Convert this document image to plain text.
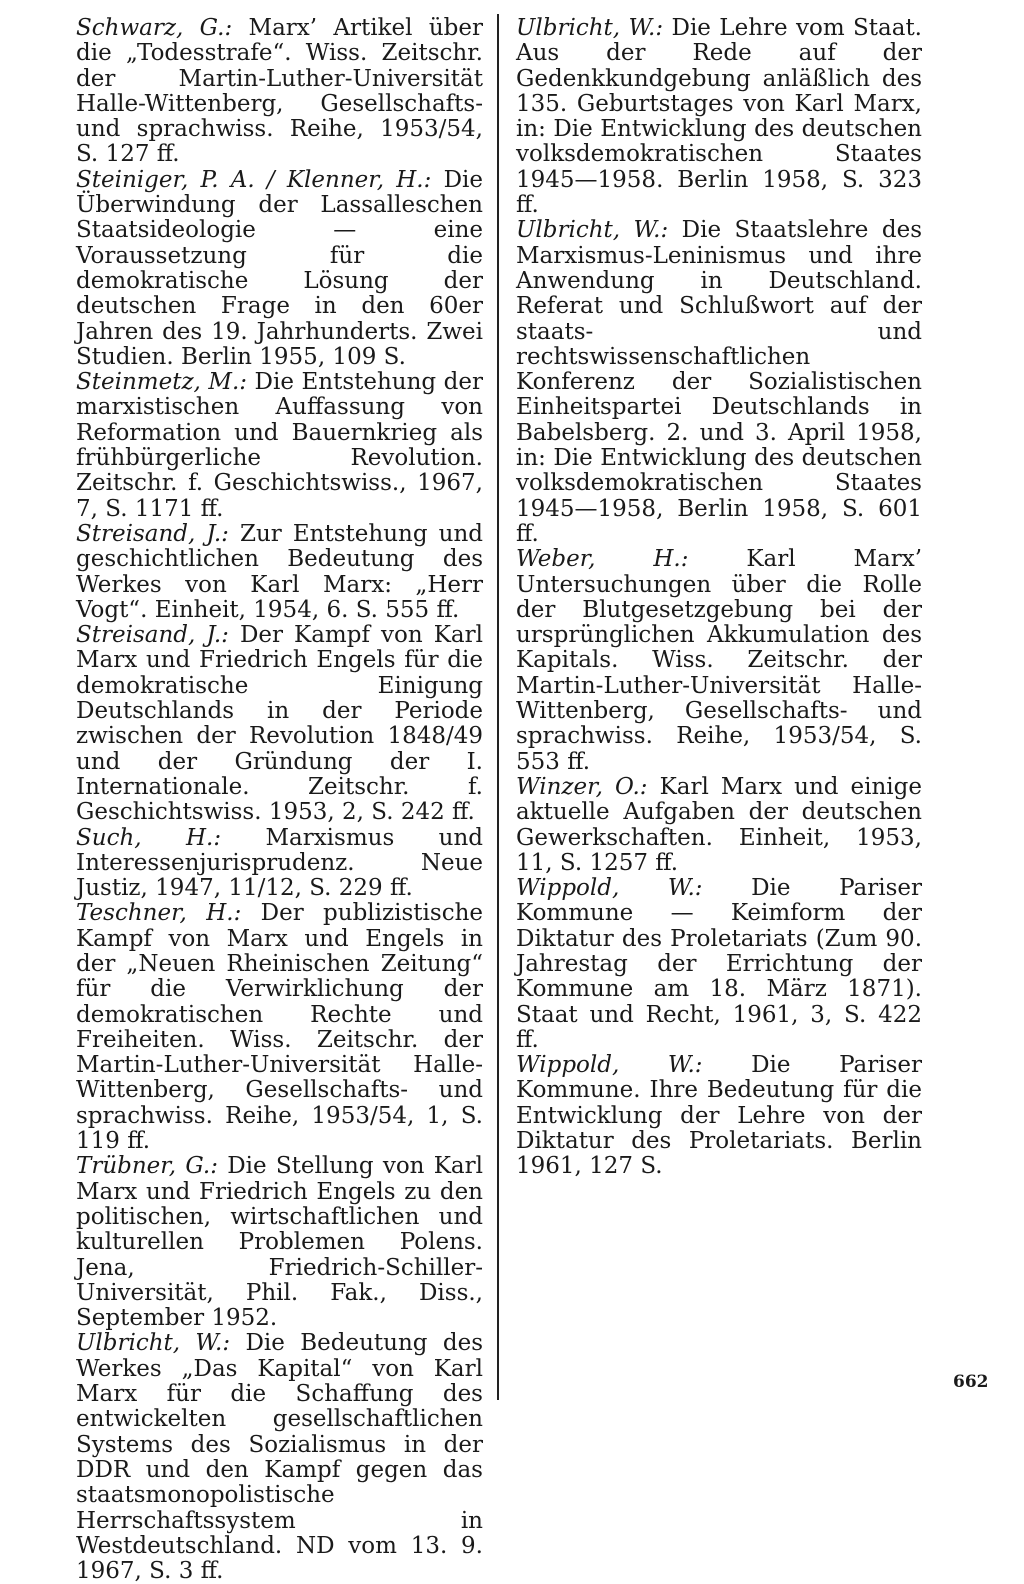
Schwarz, G.: Marx’ Artikel über die „Todesstrafe“. Wiss. Zeitschr. der Martin-Luther-Universität Halle-Wittenberg, Gesellschafts- und sprachwiss. Reihe, 1953/54, S. 127 ff.

Steiniger, P. A. / Klenner, H.: Die Überwindung der Lassalleschen Staatsideologie — eine Voraussetzung für die demokratische Lösung der deutschen Frage in den 60er Jahren des 19. Jahrhunderts. Zwei Studien. Berlin 1955, 109 S.

Steinmetz, M.: Die Entstehung der marxistischen Auffassung von Reformation und Bauernkrieg als frühbürgerliche Revolution. Zeitschr. f. Geschichtswiss., 1967, 7, S. 1171 ff.

Streisand, J.: Zur Entstehung und geschichtlichen Bedeutung des Werkes von Karl Marx: „Herr Vogt“. Einheit, 1954, 6. S. 555 ff.

Streisand, J.: Der Kampf von Karl Marx und Friedrich Engels für die demokratische Einigung Deutschlands in der Periode zwischen der Revolution 1848/49 und der Gründung der I. Internationale. Zeitschr. f. Geschichtswiss. 1953, 2, S. 242 ff.

Such, H.: Marxismus und Interessenjurisprudenz. Neue Justiz, 1947, 11/12, S. 229 ff.

Teschner, H.: Der publizistische Kampf von Marx und Engels in der „Neuen Rheinischen Zeitung“ für die Verwirklichung der demokratischen Rechte und Freiheiten. Wiss. Zeitschr. der Martin-Luther-Universität Halle-Wittenberg, Gesellschafts- und sprachwiss. Reihe, 1953/54, 1, S. 119 ff.

Trübner, G.: Die Stellung von Karl Marx und Friedrich Engels zu den politischen, wirtschaftlichen und kulturellen Problemen Polens. Jena, Friedrich-Schiller-Universität, Phil. Fak., Diss., September 1952.

Ulbricht, W.: Die Bedeutung des Werkes „Das Kapital“ von Karl Marx für die Schaffung des entwickelten gesellschaftlichen Systems des Sozialismus in der DDR und den Kampf gegen das staatsmonopolistische Herrschaftssystem in Westdeutschland. ND vom 13. 9. 1967, S. 3 ff.

Ulbricht, W.: Die Lehre vom Staat. Aus der Rede auf der Gedenkkundgebung anläßlich des 135. Geburtstages von Karl Marx, in: Die Entwicklung des deutschen volksdemokratischen Staates 1945—1958. Berlin 1958, S. 323 ff.

Ulbricht, W.: Die Staatslehre des Marxismus-Leninismus und ihre Anwendung in Deutschland. Referat und Schlußwort auf der staats- und rechtswissenschaftlichen Konferenz der Sozialistischen Einheitspartei Deutschlands in Babelsberg. 2. und 3. April 1958, in: Die Entwicklung des deutschen volksdemokratischen Staates 1945—1958, Berlin 1958, S. 601 ff.

Weber, H.:	Karl Marx’ Untersuchungen über die Rolle der Blutgesetzgebung bei der ursprünglichen Akkumulation des Kapitals. Wiss. Zeitschr. der Martin-Luther-Universität Halle-Wittenberg, Gesellschafts- und sprachwiss. Reihe, 1953/54, S. 553 ff.

Winzer, O.: Karl Marx und einige aktuelle Aufgaben der deutschen Gewerkschaften. Einheit, 1953, 11, S. 1257 ff.

Wippold, W.: Die Pariser Kommune — Keimform der Diktatur des Proletariats (Zum 90. Jahrestag der Errichtung der Kommune am 18. März 1871). Staat und Recht, 1961, 3, S. 422 ff.

Wippold, W.: Die Pariser Kommune. Ihre Bedeutung für die Entwicklung der Lehre von der Diktatur des Proletariats. Berlin 1961, 127 S.

662
